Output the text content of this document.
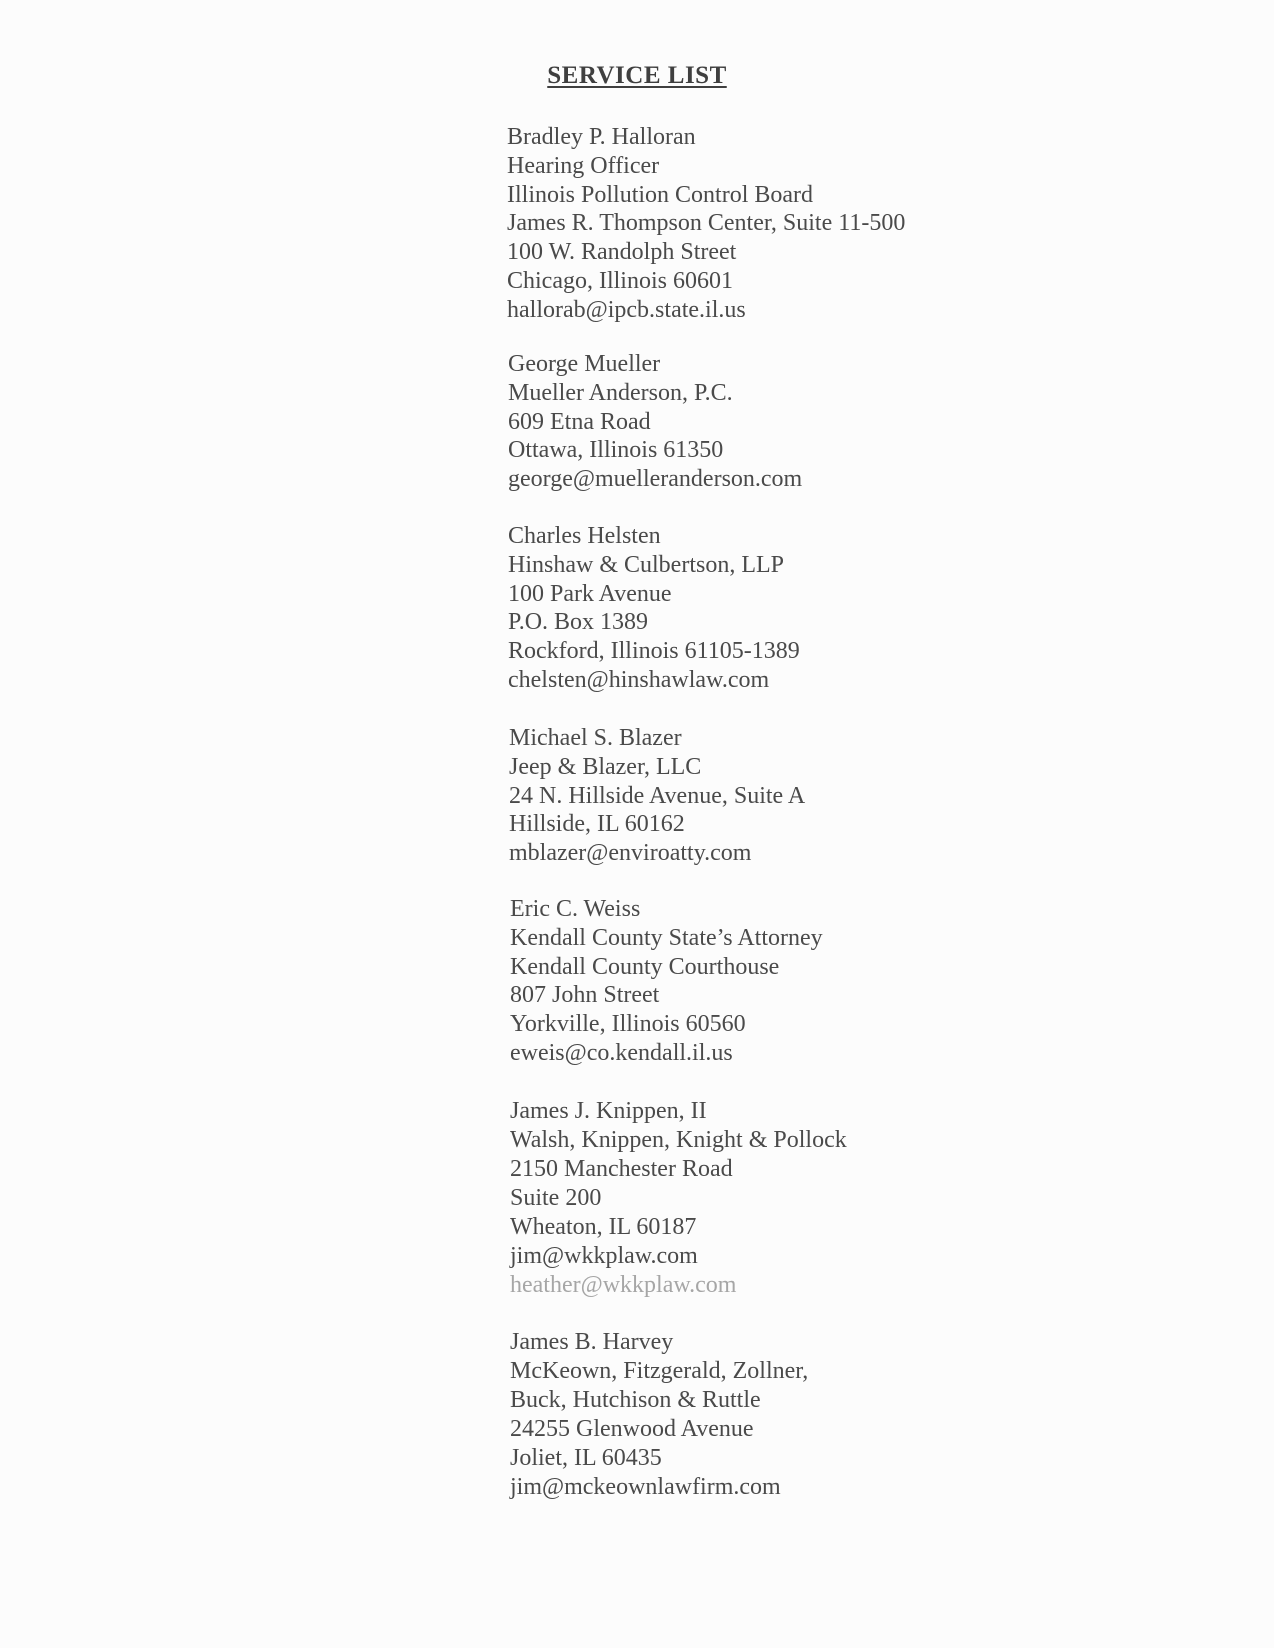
SERVICE LIST
Bradley P. Halloran
Hearing Officer
Illinois Pollution Control Board
James R. Thompson Center, Suite 11-500
100 W. Randolph Street
Chicago, Illinois 60601
hallorab@ipcb.state.il.us
George Mueller
Mueller Anderson, P.C.
609 Etna Road
Ottawa, Illinois 61350
george@muelleranderson.com
Charles Helsten
Hinshaw & Culbertson, LLP
100 Park Avenue
P.O. Box 1389
Rockford, Illinois 61105-1389
chelsten@hinshawlaw.com
Michael S. Blazer
Jeep & Blazer, LLC
24 N. Hillside Avenue, Suite A
Hillside, IL 60162
mblazer@enviroatty.com
Eric C. Weiss
Kendall County State’s Attorney
Kendall County Courthouse
807 John Street
Yorkville, Illinois 60560
eweis@co.kendall.il.us
James J. Knippen, II
Walsh, Knippen, Knight & Pollock
2150 Manchester Road
Suite 200
Wheaton, IL 60187
jim@wkkplaw.com
heather@wkkplaw.com
James B. Harvey
McKeown, Fitzgerald, Zollner,
Buck, Hutchison & Ruttle
24255 Glenwood Avenue
Joliet, IL 60435
jim@mckeownlawfirm.com
